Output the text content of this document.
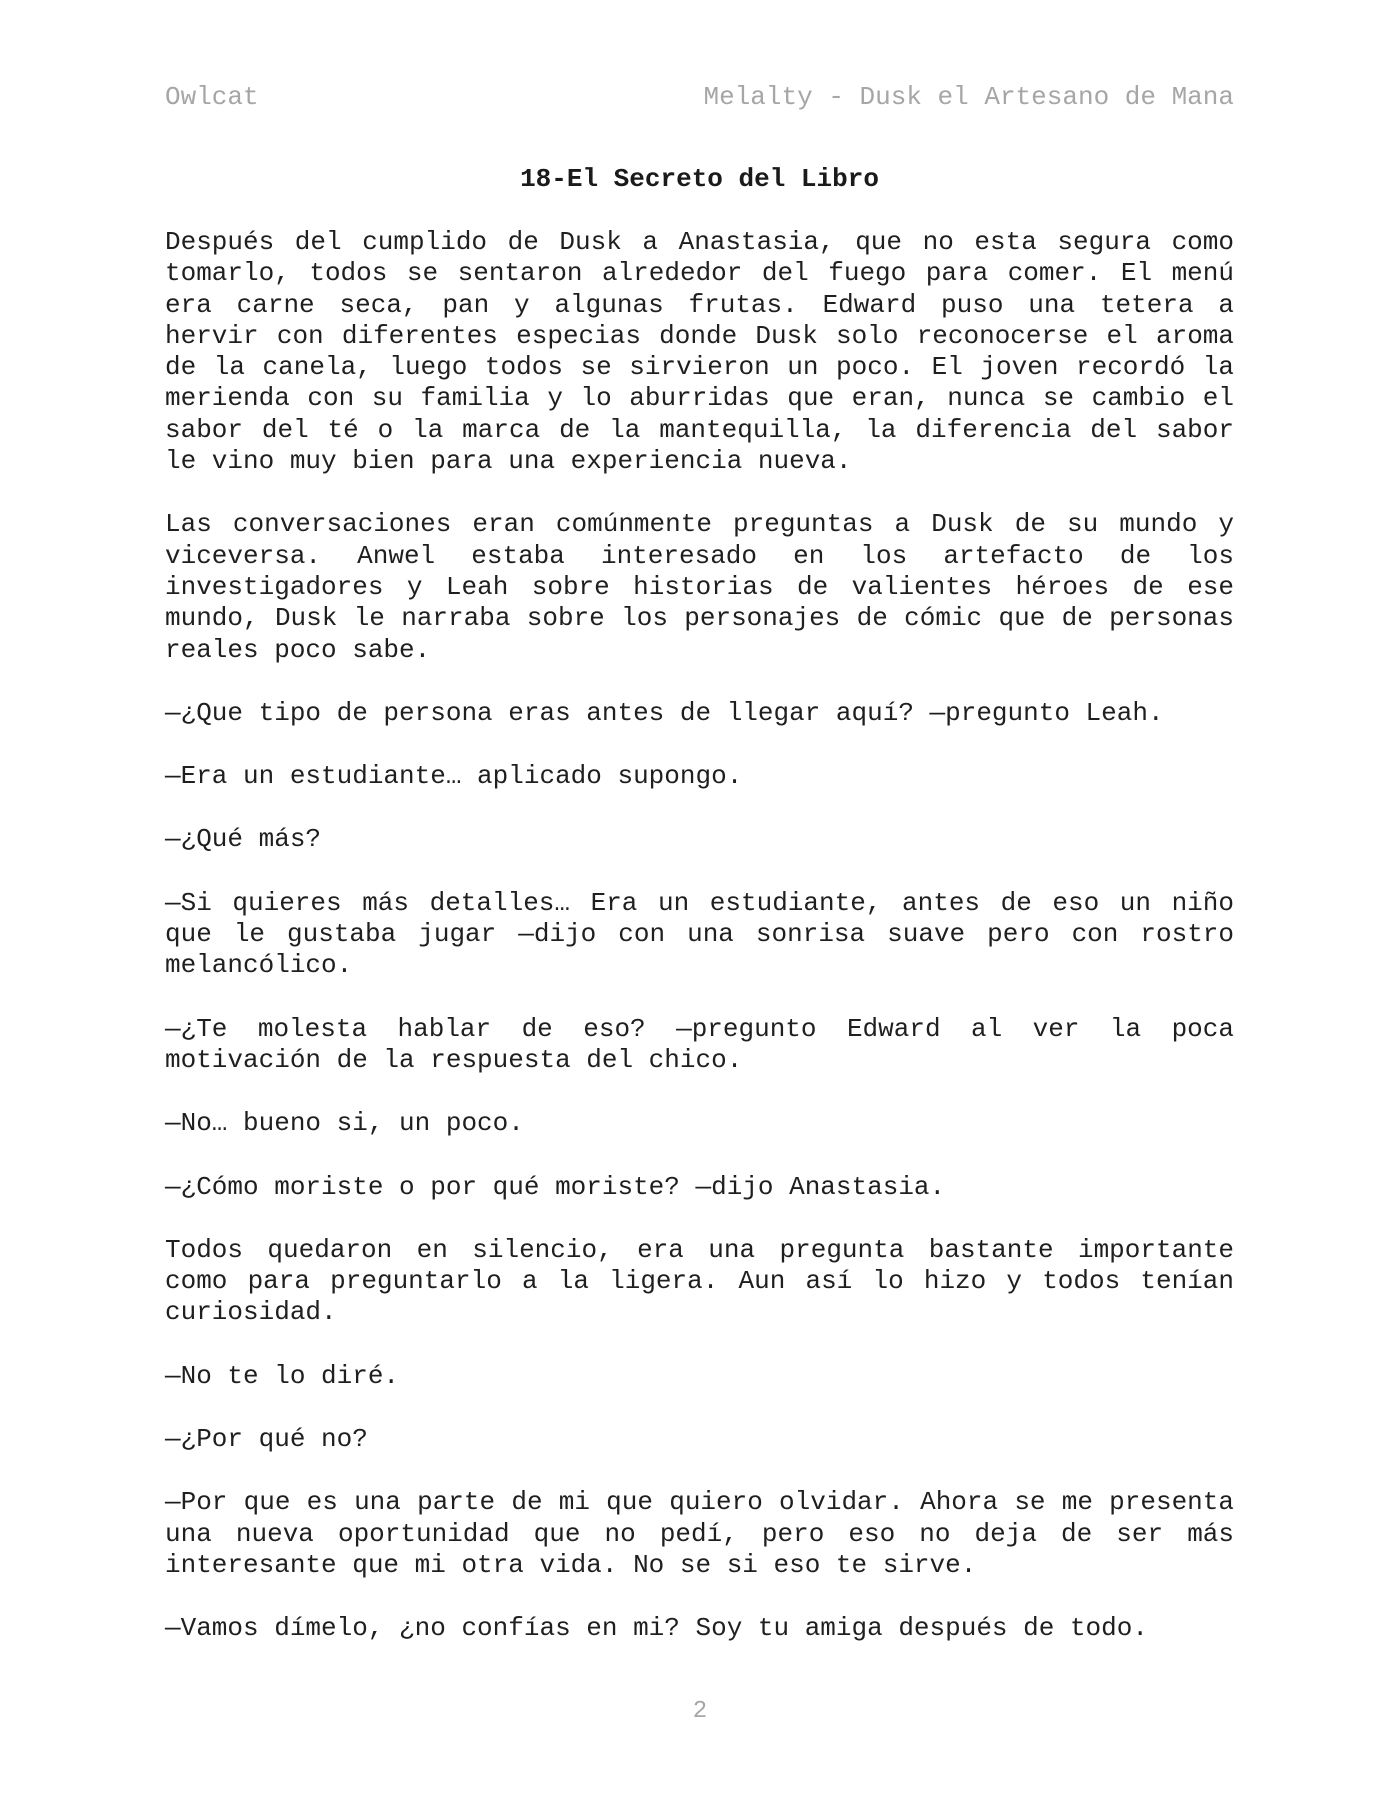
Owlcat	Melalty - Dusk el Artesano de Mana
18-El Secreto del Libro

Después del cumplido de Dusk a Anastasia, que no esta segura como tomarlo, todos se sentaron alrededor del fuego para comer. El menú era carne seca, pan y algunas frutas. Edward puso una tetera a hervir con diferentes especias donde Dusk solo reconocerse el aroma de la canela, luego todos se sirvieron un poco. El joven recordó la merienda con su familia y lo aburridas que eran, nunca se cambio el sabor del té o la marca de la mantequilla, la diferencia del sabor le vino muy bien para una experiencia nueva.

Las conversaciones eran comúnmente preguntas a Dusk de su mundo y viceversa. Anwel estaba interesado en los artefacto de los investigadores y Leah sobre historias de valientes héroes de ese mundo, Dusk le narraba sobre los personajes de cómic que de personas reales poco sabe.

—¿Que tipo de persona eras antes de llegar aquí? —pregunto Leah.

—Era un estudiante… aplicado supongo.

—¿Qué más?

—Si quieres más detalles… Era un estudiante, antes de eso un niño que le gustaba jugar —dijo con una sonrisa suave pero con rostro melancólico.

—¿Te molesta hablar de eso? —pregunto Edward al ver la poca motivación de la respuesta del chico.

—No… bueno si, un poco.

—¿Cómo moriste o por qué moriste? —dijo Anastasia.

Todos quedaron en silencio, era una pregunta bastante importante como para preguntarlo a la ligera. Aun así lo hizo y todos tenían curiosidad.

—No te lo diré.

—¿Por qué no?

—Por que es una parte de mi que quiero olvidar. Ahora se me presenta una nueva oportunidad que no pedí, pero eso no deja de ser más interesante que mi otra vida. No se si eso te sirve.

—Vamos dímelo, ¿no confías en mi? Soy tu amiga después de todo.

2
